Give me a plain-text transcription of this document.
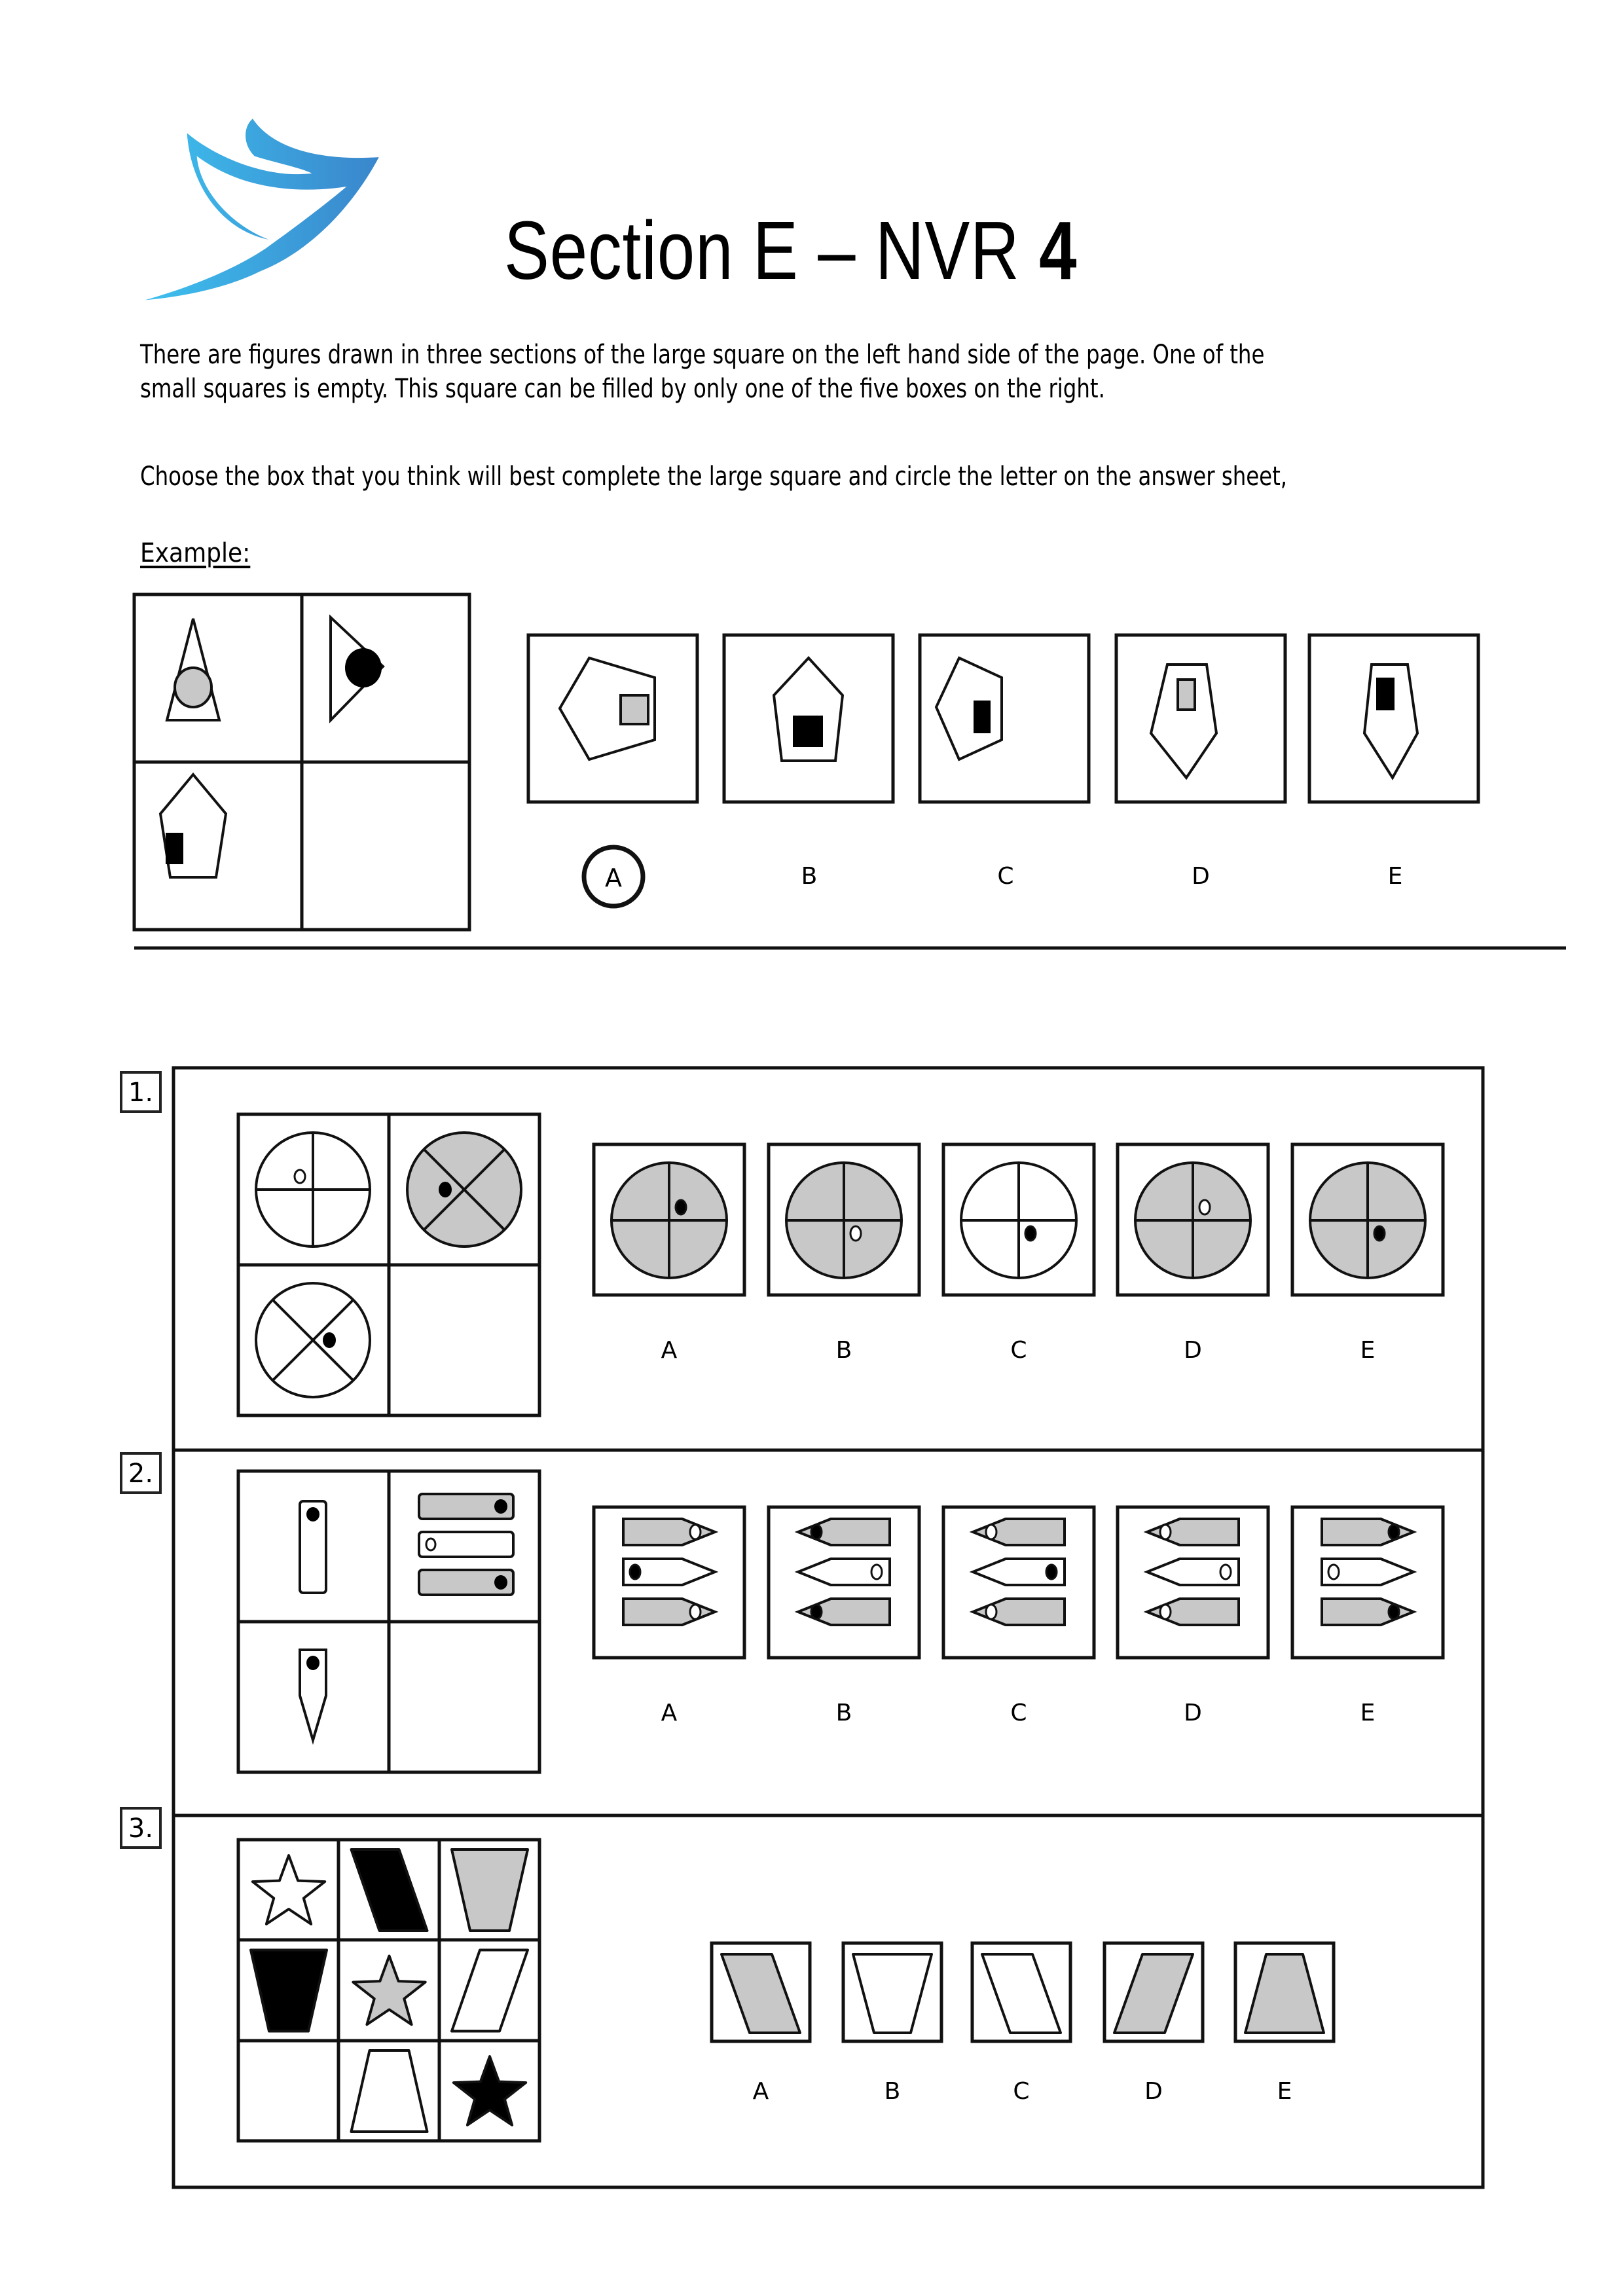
Section E – NVR 4
There are figures drawn in three sections of the large square on the left hand side of the page. One of the small squares is empty. This square can be filled by only one of the five boxes on the right.
Choose the box that you think will best complete the large square and circle the letter on the answer sheet,
Example:
A	B	C	D	E
1.
2.
3.
A	B	C	D	E
A	B	C	D	E
A	B	C	D	E
